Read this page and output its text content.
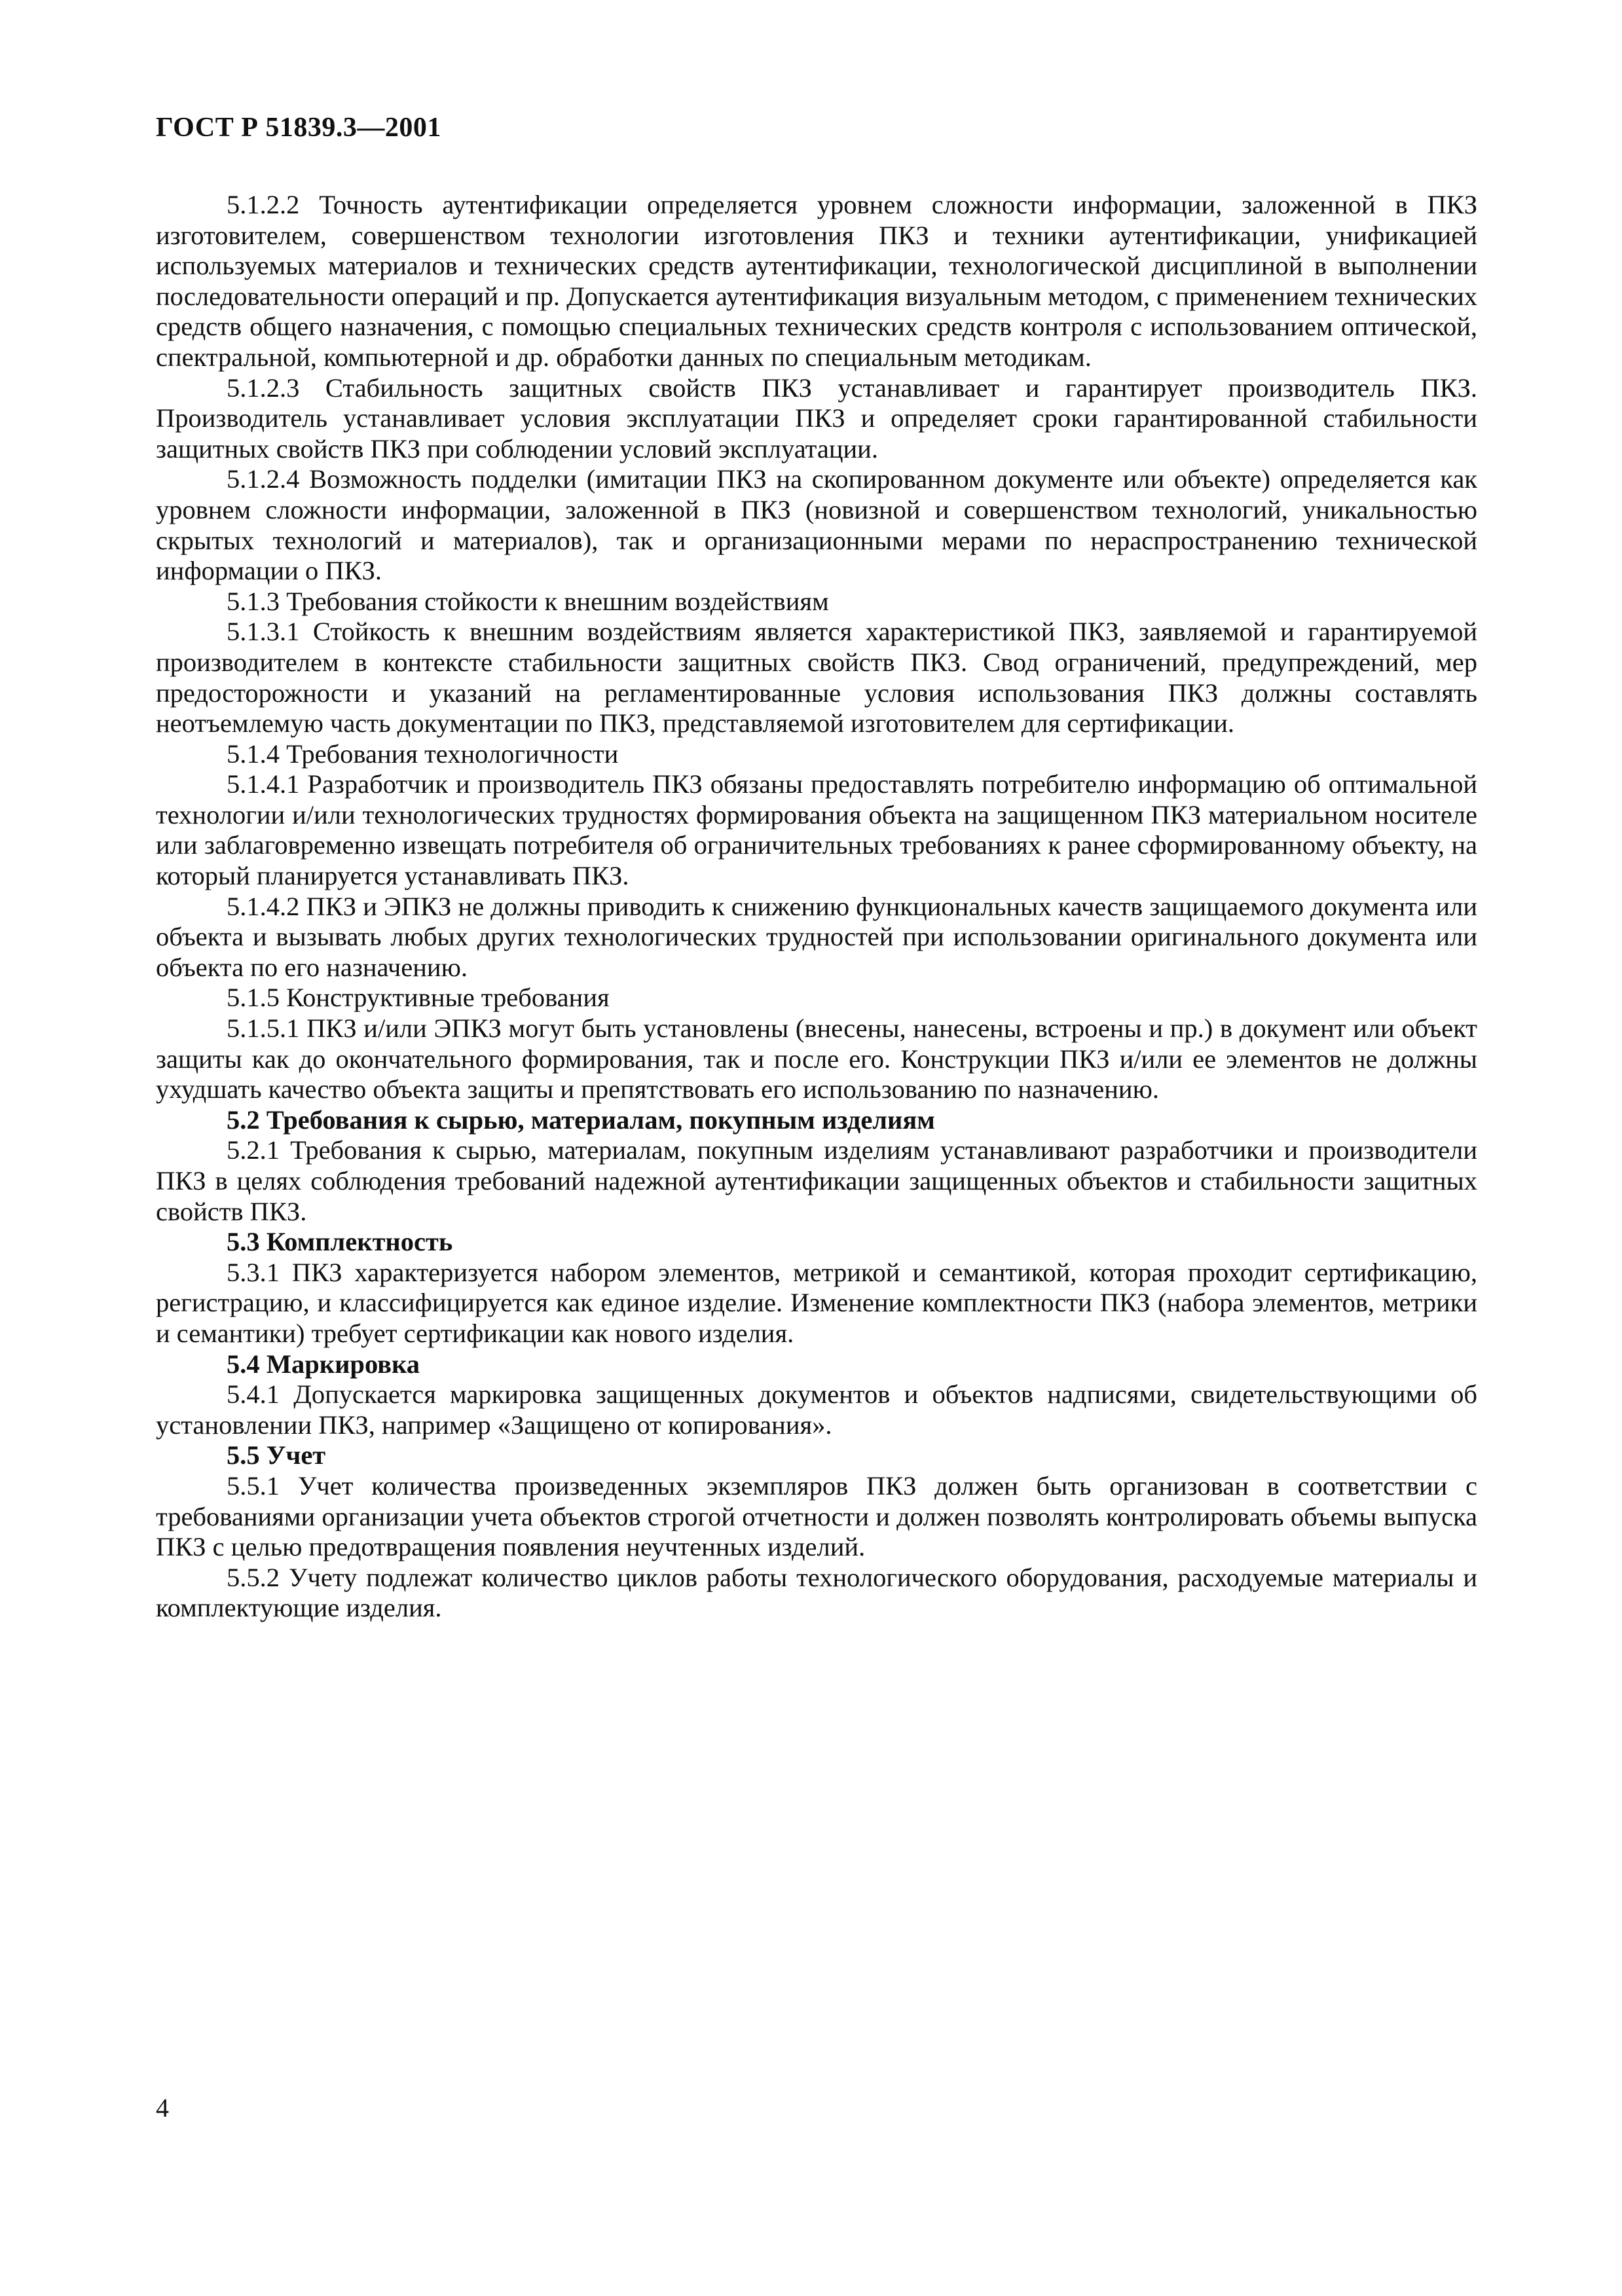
ГОСТ Р 51839.3—2001

5.1.2.2 Точность аутентификации определяется уровнем сложности информации, заложенной в ПКЗ изготовителем, совершенством технологии изготовления ПКЗ и техники аутентификации, унификацией используемых материалов и технических средств аутентификации, технологической дисциплиной в выполнении последовательности операций и пр. Допускается аутентификация визуальным методом, с применением технических средств общего назначения, с помощью специальных технических средств контроля с использованием оптической, спектральной, компьютерной и др. обработки данных по специальным методикам.

5.1.2.3 Стабильность защитных свойств ПКЗ устанавливает и гарантирует производитель ПКЗ. Производитель устанавливает условия эксплуатации ПКЗ и определяет сроки гарантированной стабильности защитных свойств ПКЗ при соблюдении условий эксплуатации.

5.1.2.4 Возможность подделки (имитации ПКЗ на скопированном документе или объекте) определяется как уровнем сложности информации, заложенной в ПКЗ (новизной и совершенством технологий, уникальностью скрытых технологий и материалов), так и организационными мерами по нераспространению технической информации о ПКЗ.

5.1.3 Требования стойкости к внешним воздействиям

5.1.3.1 Стойкость к внешним воздействиям является характеристикой ПКЗ, заявляемой и гарантируемой производителем в контексте стабильности защитных свойств ПКЗ. Свод ограничений, предупреждений, мер предосторожности и указаний на регламентированные условия использования ПКЗ должны составлять неотъемлемую часть документации по ПКЗ, представляемой изготовителем для сертификации.

5.1.4 Требования технологичности

5.1.4.1 Разработчик и производитель ПКЗ обязаны предоставлять потребителю информацию об оптимальной технологии и/или технологических трудностях формирования объекта на защищенном ПКЗ материальном носителе или заблаговременно извещать потребителя об ограничительных требованиях к ранее сформированному объекту, на который планируется устанавливать ПКЗ.

5.1.4.2 ПКЗ и ЭПКЗ не должны приводить к снижению функциональных качеств защищаемого документа или объекта и вызывать любых других технологических трудностей при использовании оригинального документа или объекта по его назначению.

5.1.5 Конструктивные требования

5.1.5.1 ПКЗ и/или ЭПКЗ могут быть установлены (внесены, нанесены, встроены и пр.) в документ или объект защиты как до окончательного формирования, так и после его. Конструкции ПКЗ и/или ее элементов не должны ухудшать качество объекта защиты и препятствовать его использованию по назначению.

5.2 Требования к сырью, материалам, покупным изделиям

5.2.1 Требования к сырью, материалам, покупным изделиям устанавливают разработчики и производители ПКЗ в целях соблюдения требований надежной аутентификации защищенных объектов и стабильности защитных свойств ПКЗ.

5.3 Комплектность

5.3.1 ПКЗ характеризуется набором элементов, метрикой и семантикой, которая проходит сертификацию, регистрацию, и классифицируется как единое изделие. Изменение комплектности ПКЗ (набора элементов, метрики и семантики) требует сертификации как нового изделия.

5.4 Маркировка

5.4.1 Допускается маркировка защищенных документов и объектов надписями, свидетельствующими об установлении ПКЗ, например «Защищено от копирования».

5.5 Учет

5.5.1 Учет количества произведенных экземпляров ПКЗ должен быть организован в соответствии с требованиями организации учета объектов строгой отчетности и должен позволять контролировать объемы выпуска ПКЗ с целью предотвращения появления неучтенных изделий.

5.5.2 Учету подлежат количество циклов работы технологического оборудования, расходуемые материалы и комплектующие изделия.

4
